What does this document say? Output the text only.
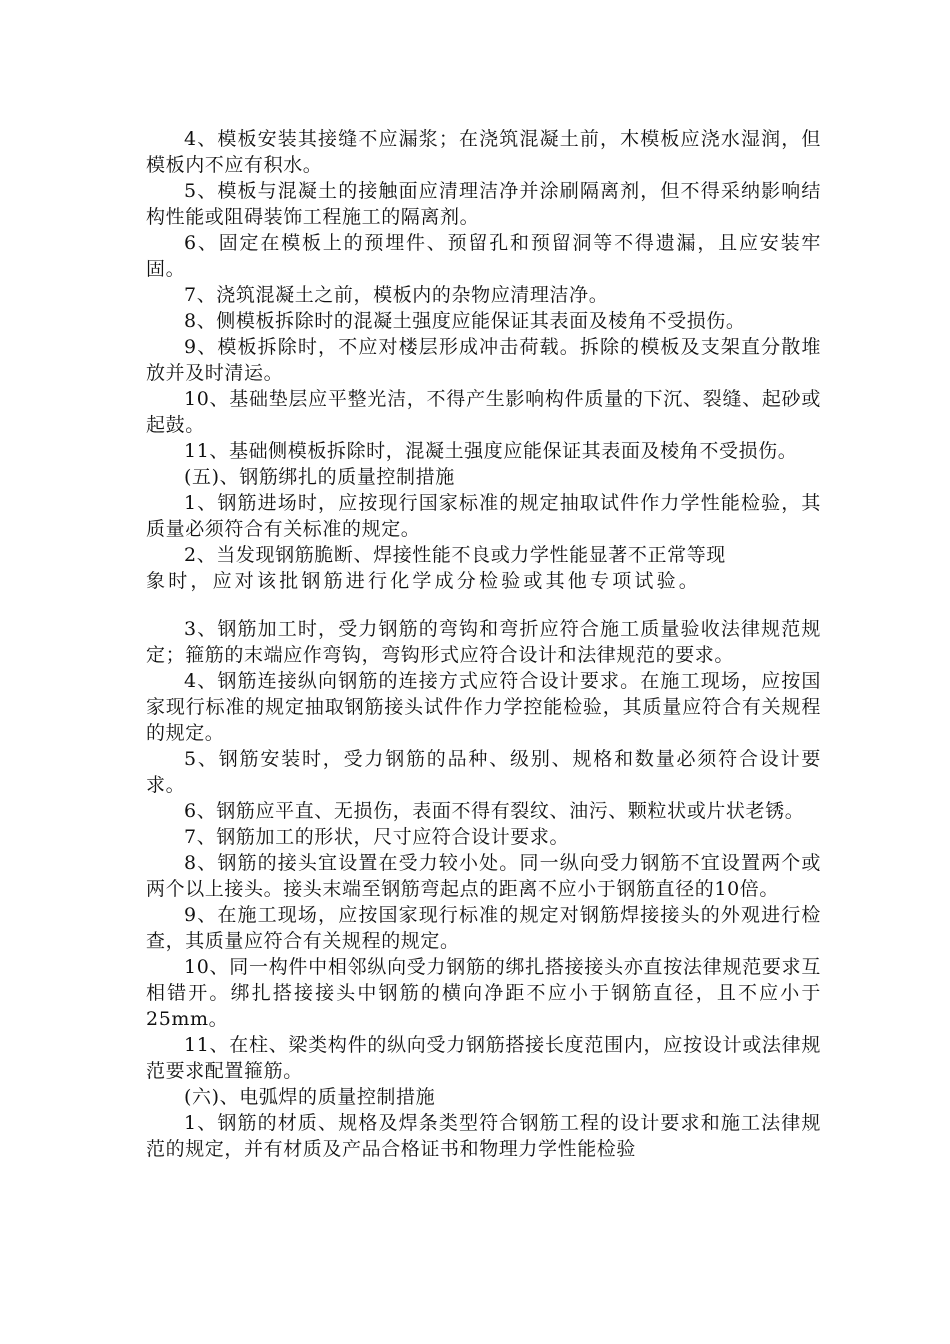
4、模板安装其接缝不应漏浆；在浇筑混凝土前，木模板应浇水湿润，但模板内不应有积水。

5、模板与混凝土的接触面应清理洁净并涂刷隔离剂，但不得采纳影响结构性能或阻碍装饰工程施工的隔离剂。

6、固定在模板上的预埋件、预留孔和预留洞等不得遗漏，且应安装牢固。

7、浇筑混凝土之前，模板内的杂物应清理洁净。

8、侧模板拆除时的混凝土强度应能保证其表面及棱角不受损伤。

9、模板拆除时，不应对楼层形成冲击荷载。拆除的模板及支架直分散堆放并及时清运。

10、基础垫层应平整光洁，不得产生影响构件质量的下沉、裂缝、起砂或起鼓。

11、基础侧模板拆除时，混凝土强度应能保证其表面及棱角不受损伤。

(五)、钢筋绑扎的质量控制措施

1、钢筋进场时，应按现行国家标准的规定抽取试件作力学性能检验，其质量必须符合有关标准的规定。

2、当发现钢筋脆断、焊接性能不良或力学性能显著不正常等现

象时，应对该批钢筋进行化学成分检验或其他专项试验。

3、钢筋加工时，受力钢筋的弯钩和弯折应符合施工质量验收法律规范规定；箍筋的末端应作弯钩，弯钩形式应符合设计和法律规范的要求。

4、钢筋连接纵向钢筋的连接方式应符合设计要求。在施工现场，应按国家现行标准的规定抽取钢筋接头试件作力学控能检验，其质量应符合有关规程的规定。

5、钢筋安装时，受力钢筋的品种、级别、规格和数量必须符合设计要求。

6、钢筋应平直、无损伤，表面不得有裂纹、油污、颗粒状或片状老锈。

7、钢筋加工的形状，尺寸应符合设计要求。

8、钢筋的接头宜设置在受力较小处。同一纵向受力钢筋不宜设置两个或两个以上接头。接头末端至钢筋弯起点的距离不应小于钢筋直径的10倍。

9、在施工现场，应按国家现行标准的规定对钢筋焊接接头的外观进行检查，其质量应符合有关规程的规定。

10、同一构件中相邻纵向受力钢筋的绑扎搭接接头亦直按法律规范要求互相错开。绑扎搭接接头中钢筋的横向净距不应小于钢筋直径，且不应小于25mm。

11、在柱、梁类构件的纵向受力钢筋搭接长度范围内，应按设计或法律规范要求配置箍筋。

(六)、电弧焊的质量控制措施

1、钢筋的材质、规格及焊条类型符合钢筋工程的设计要求和施工法律规范的规定，并有材质及产品合格证书和物理力学性能检验
